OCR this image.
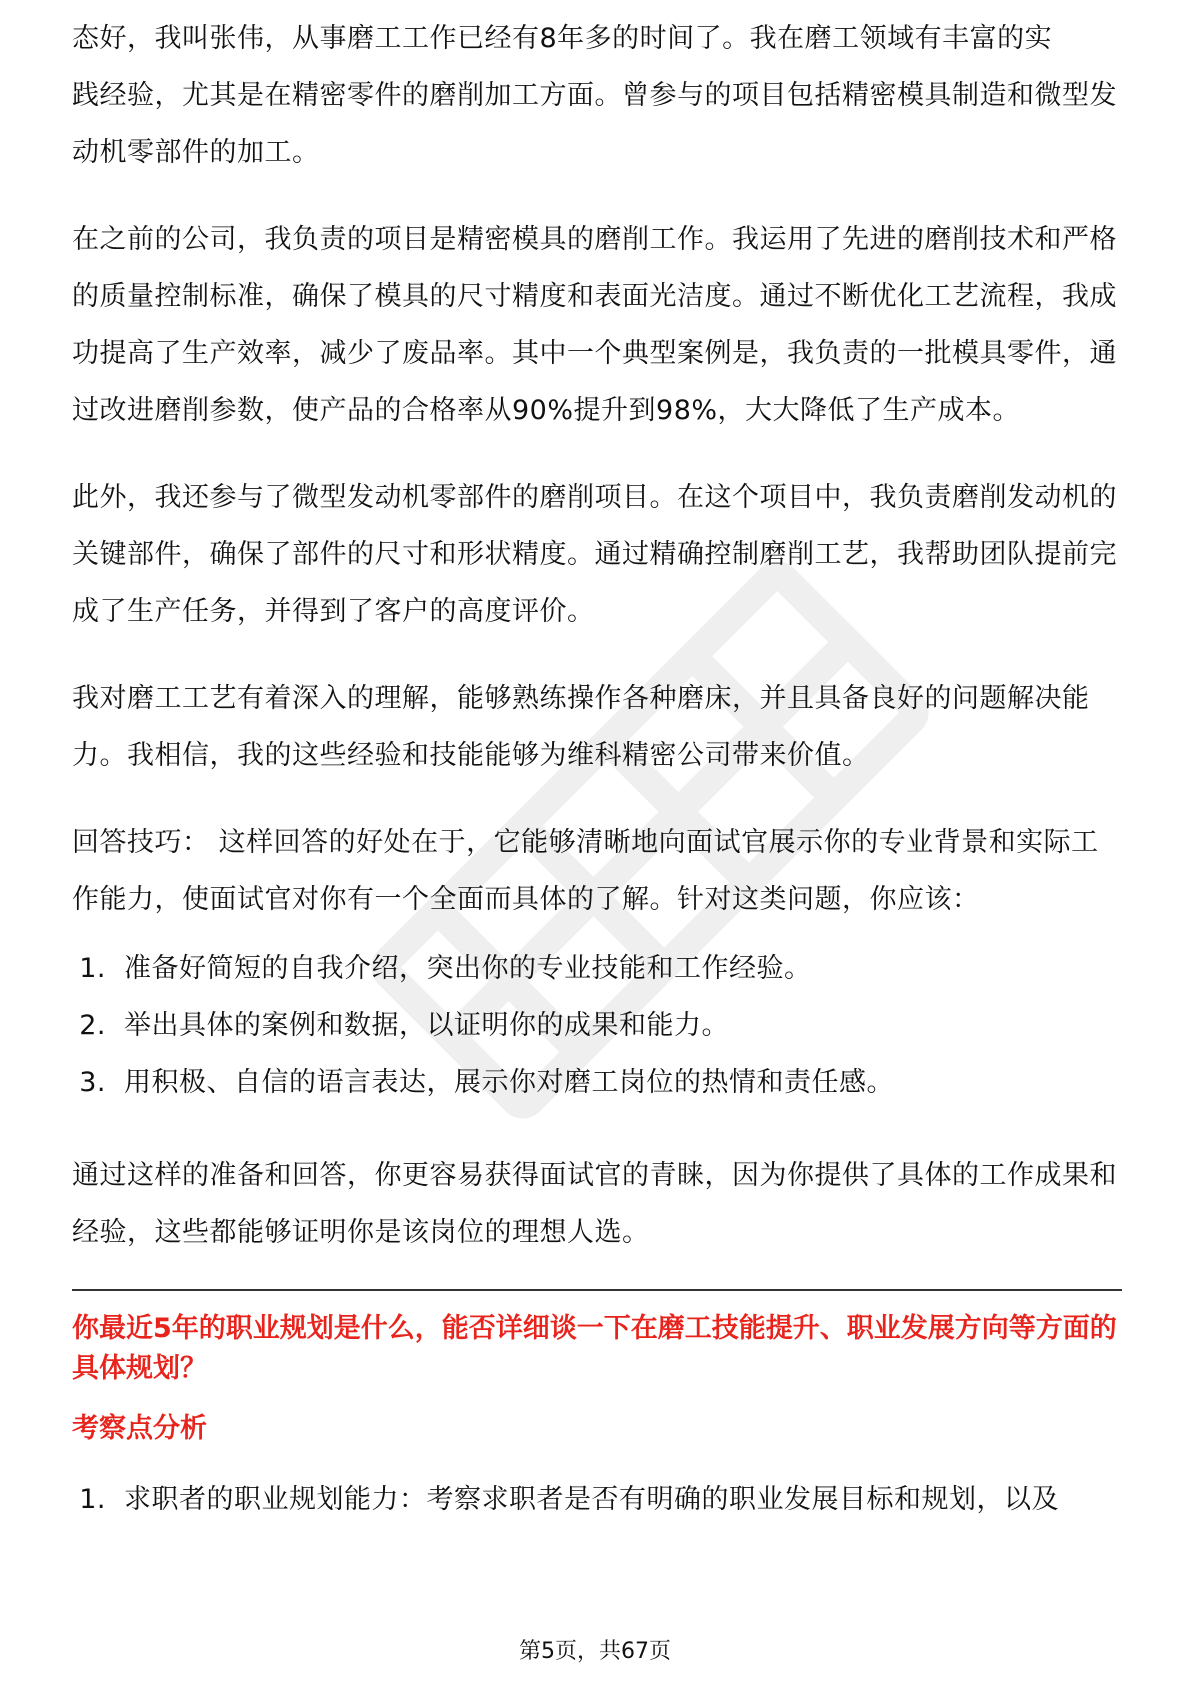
态好，我叫张伟，从事磨工工作已经有8年多的时间了。我在磨工领域有丰富的实

践经验，尤其是在精密零件的磨削加工方面。曾参与的项目包括精密模具制造和微型发动机零部件的加工。

在之前的公司，我负责的项目是精密模具的磨削工作。我运用了先进的磨削技术和严格的质量控制标准，确保了模具的尺寸精度和表面光洁度。通过不断优化工艺流程，我成功提高了生产效率，减少了废品率。其中一个典型案例是，我负责的一批模具零件，通过改进磨削参数，使产品的合格率从90%提升到98%，大大降低了生产成本。

此外，我还参与了微型发动机零部件的磨削项目。在这个项目中，我负责磨削发动机的关键部件，确保了部件的尺寸和形状精度。通过精确控制磨削工艺，我帮助团队提前完成了生产任务，并得到了客户的高度评价。

我对磨工工艺有着深入的理解，能够熟练操作各种磨床，并且具备良好的问题解决能力。我相信，我的这些经验和技能能够为维科精密公司带来价值。

回答技巧： 这样回答的好处在于，它能够清晰地向面试官展示你的专业背景和实际工作能力，使面试官对你有一个全面而具体的了解。针对这类问题，你应该：

1. 准备好简短的自我介绍，突出你的专业技能和工作经验。
2. 举出具体的案例和数据，以证明你的成果和能力。
3. 用积极、自信的语言表达，展示你对磨工岗位的热情和责任感。

通过这样的准备和回答，你更容易获得面试官的青睐，因为你提供了具体的工作成果和经验，这些都能够证明你是该岗位的理想人选。

你最近5年的职业规划是什么，能否详细谈一下在磨工技能提升、职业发展方向等方面的具体规划？

考察点分析

1. 求职者的职业规划能力：考察求职者是否有明确的职业发展目标和规划，以及
第5页，共67页
